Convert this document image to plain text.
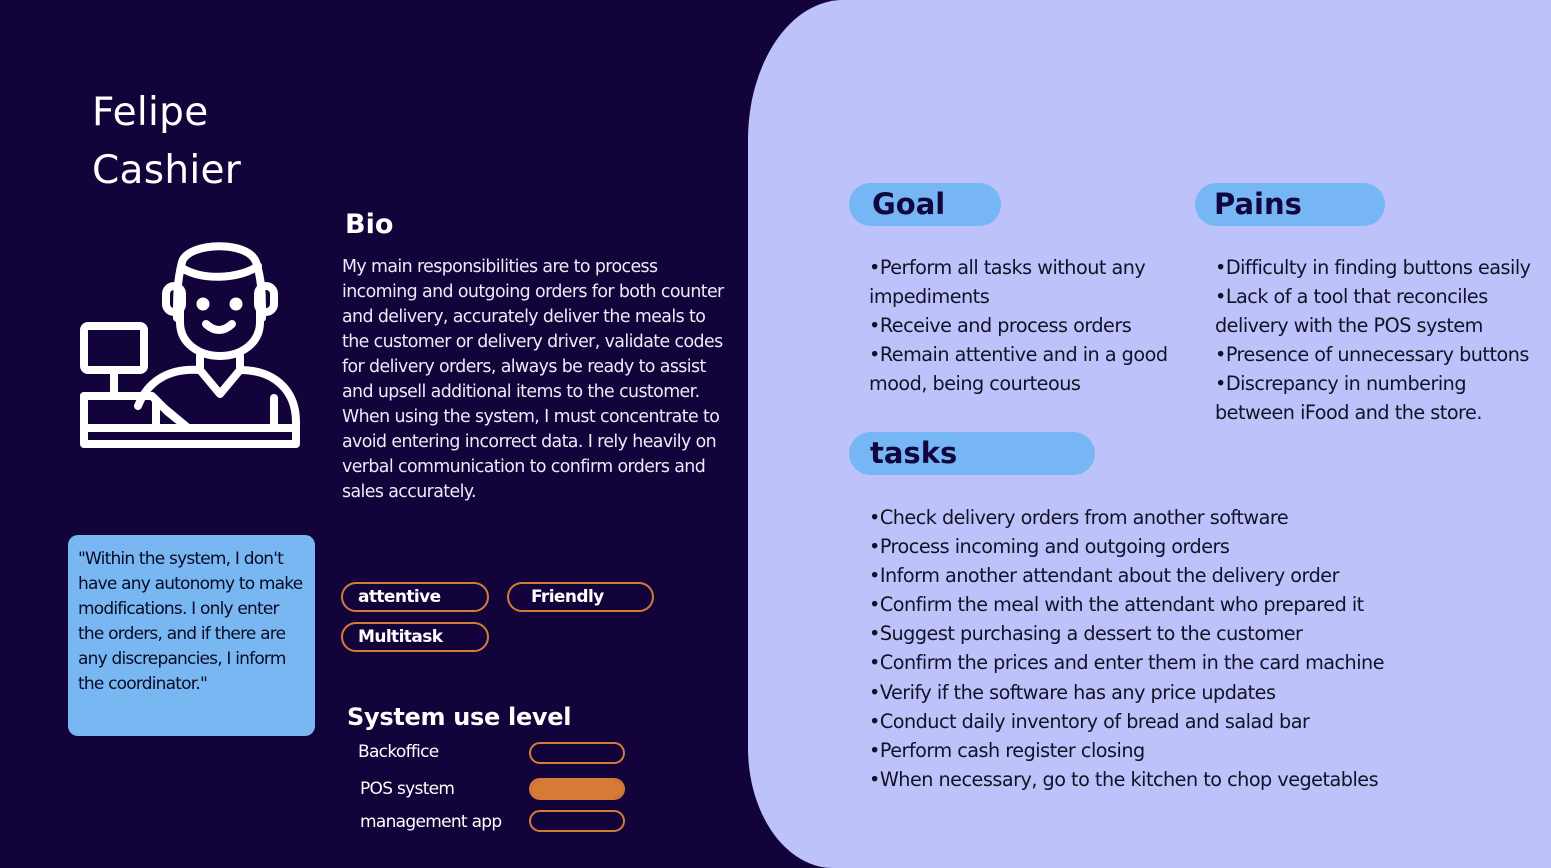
Felipe
Cashier
Bio
My main responsibilities are to process incoming and outgoing orders for both counter and delivery, accurately deliver the meals to the customer or delivery driver, validate codes for delivery orders, always be ready to assist and upsell additional items to the customer. When using the system, I must concentrate to avoid entering incorrect data. I rely heavily on verbal communication to confirm orders and sales accurately.
"Within the system, I don't have any autonomy to make modifications. I only enter the orders, and if there are any discrepancies, I inform the coordinator."
attentive	Friendly
Multitask
System use level
Backoffice
POS system
management app
Goal
• Perform all tasks without any impediments
• Receive and process orders
• Remain attentive and in a good mood, being courteous
Pains
• Difficulty in finding buttons easily
• Lack of a tool that reconciles delivery with the POS system
• Presence of unnecessary buttons
• Discrepancy in numbering between iFood and the store.
tasks
• Check delivery orders from another software
• Process incoming and outgoing orders
• Inform another attendant about the delivery order
• Confirm the meal with the attendant who prepared it
• Suggest purchasing a dessert to the customer
• Confirm the prices and enter them in the card machine
• Verify if the software has any price updates
• Conduct daily inventory of bread and salad bar
• Perform cash register closing
• When necessary, go to the kitchen to chop vegetables
